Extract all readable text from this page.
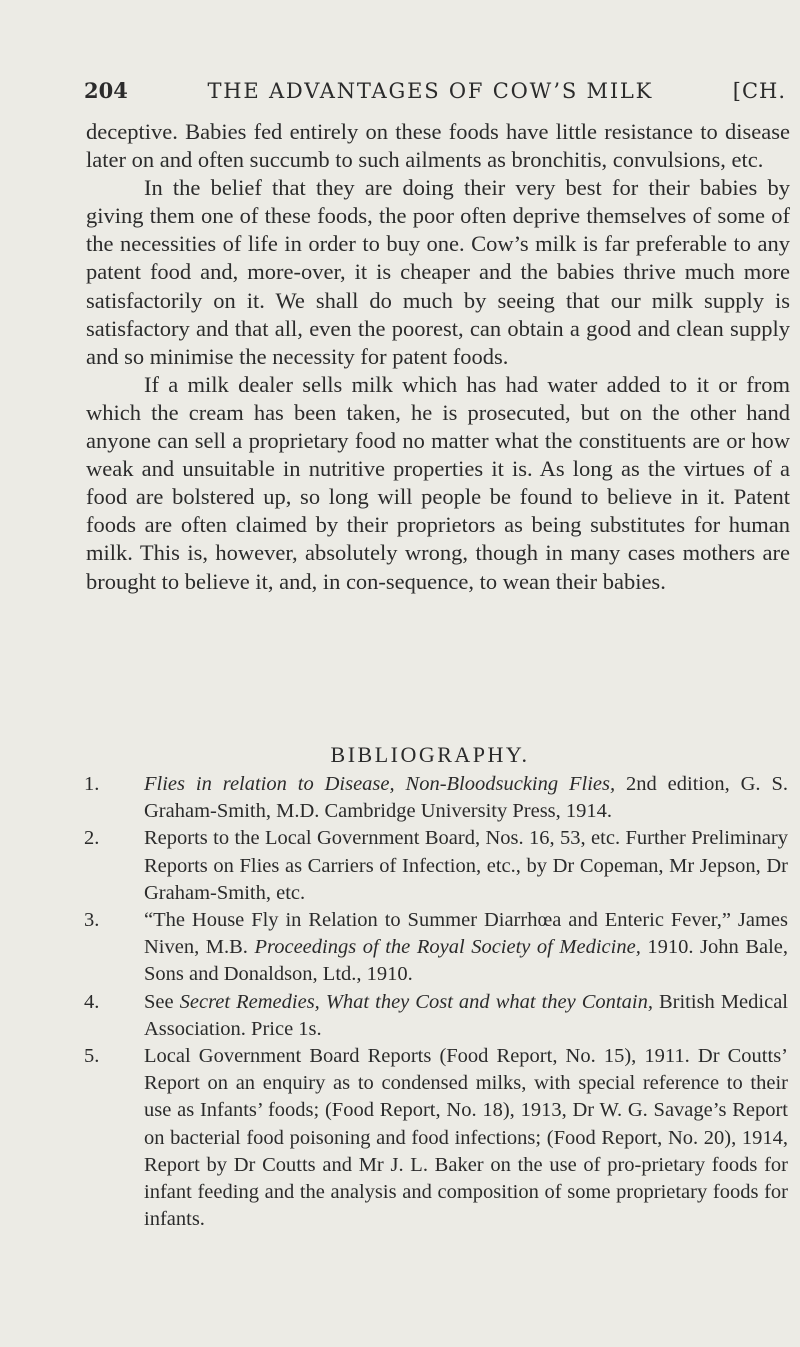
204	THE ADVANTAGES OF COW’S MILK	[CH.

deceptive. Babies fed entirely on these foods have little resistance to disease later on and often succumb to such ailments as bronchitis, convulsions, etc.

In the belief that they are doing their very best for their babies by giving them one of these foods, the poor often deprive themselves of some of the necessities of life in order to buy one. Cow’s milk is far preferable to any patent food and, more-over, it is cheaper and the babies thrive much more satisfactorily on it. We shall do much by seeing that our milk supply is satisfactory and that all, even the poorest, can obtain a good and clean supply and so minimise the necessity for patent foods.

If a milk dealer sells milk which has had water added to it or from which the cream has been taken, he is prosecuted, but on the other hand anyone can sell a proprietary food no matter what the constituents are or how weak and unsuitable in nutritive properties it is. As long as the virtues of a food are bolstered up, so long will people be found to believe in it. Patent foods are often claimed by their proprietors as being substitutes for human milk. This is, however, absolutely wrong, though in many cases mothers are brought to believe it, and, in con-sequence, to wean their babies.

BIBLIOGRAPHY.
1.	Flies in relation to Disease, Non-Bloodsucking Flies, 2nd edition, G. S. Graham-Smith, M.D. Cambridge University Press, 1914.
2.	Reports to the Local Government Board, Nos. 16, 53, etc. Further Preliminary Reports on Flies as Carriers of Infection, etc., by Dr Copeman, Mr Jepson, Dr Graham-Smith, etc.
3.	“The House Fly in Relation to Summer Diarrhœa and Enteric Fever,” James Niven, M.B. Proceedings of the Royal Society of Medicine, 1910. John Bale, Sons and Donaldson, Ltd., 1910.
4.	See Secret Remedies, What they Cost and what they Contain, British Medical Association. Price 1s.
5.	Local Government Board Reports (Food Report, No. 15), 1911. Dr Coutts’ Report on an enquiry as to condensed milks, with special reference to their use as Infants’ foods; (Food Report, No. 18), 1913, Dr W. G. Savage’s Report on bacterial food poisoning and food infections; (Food Report, No. 20), 1914, Report by Dr Coutts and Mr J. L. Baker on the use of pro-prietary foods for infant feeding and the analysis and composition of some proprietary foods for infants.
